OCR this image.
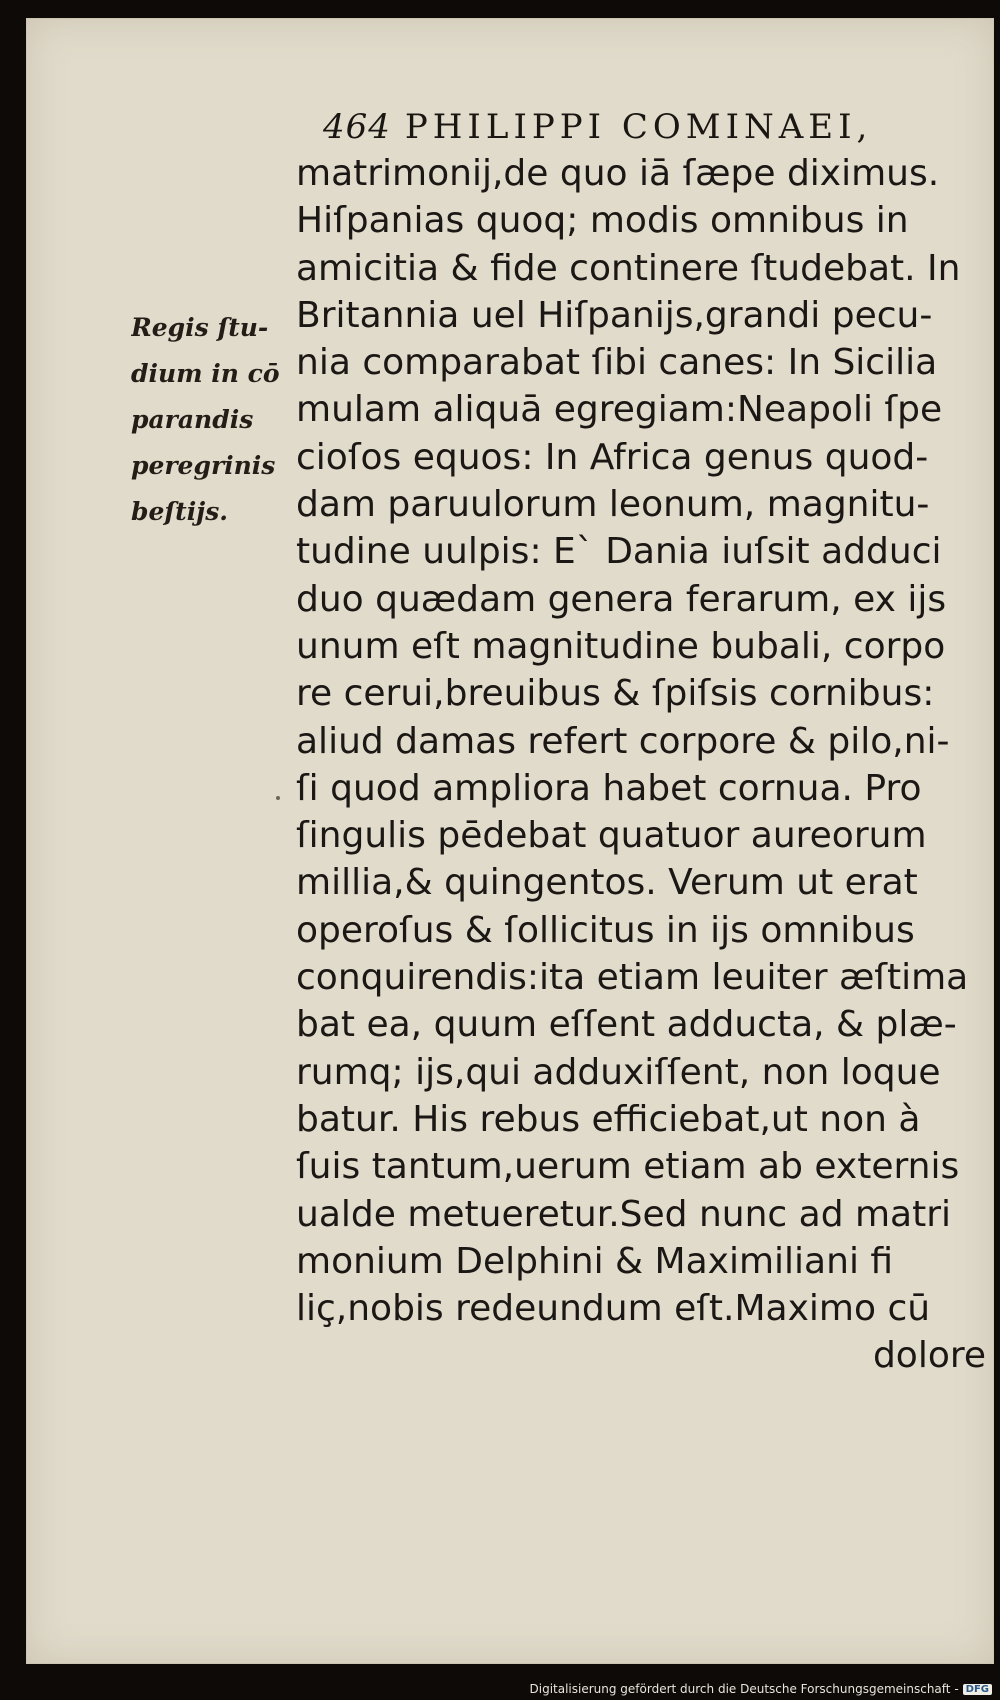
464 PHILIPPI COMINAEI,
Regis ſtu-
dium in cō
parandis
peregrinis
beſtijs.
matrimonij,de quo iā ſæpe diximus.
Hiſpanias quoq; modis omnibus in
amicitia & fide continere ſtudebat. In
Britannia uel Hiſpanijs,grandi pecu-
nia comparabat ſibi canes: In Sicilia
mulam aliquā egregiam:Neapoli ſpe
cioſos equos: In Africa genus quod-
dam paruulorum leonum, magnitu-
tudine uulpis: E` Dania iuſsit adduci
duo quædam genera ferarum, ex ijs
unum eſt magnitudine bubali, corpo
re cerui,breuibus & ſpiſsis cornibus:
aliud damas refert corpore & pilo,ni-
ſi quod ampliora habet cornua. Pro
ſingulis pēdebat quatuor aureorum
millia,& quingentos. Verum ut erat
operoſus & ſollicitus in ijs omnibus
conquirendis:ita etiam leuiter æſtima
bat ea, quum eſſent adducta, & plæ-
rumq; ijs,qui adduxiſſent, non loque
batur. His rebus efficiebat,ut non à
ſuis tantum,uerum etiam ab externis
ualde metueretur.Sed nunc ad matri
monium Delphini & Maximiliani fi
liç,nobis redeundum eſt.Maximo cū
dolore
Digitalisierung gefördert durch die Deutsche Forschungsgemeinschaft - DFG
